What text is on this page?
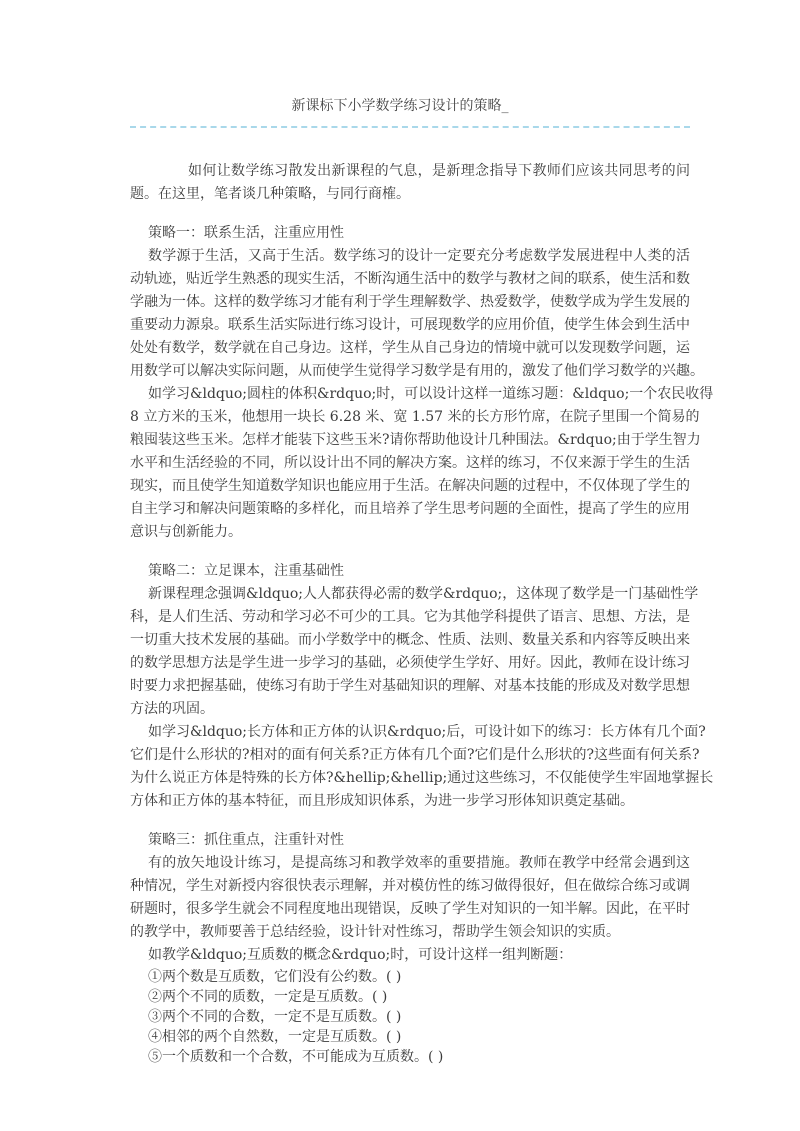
新课标下小学数学练习设计的策略_
如何让数学练习散发出新课程的气息，是新理念指导下教师们应该共同思考的问
题。在这里，笔者谈几种策略，与同行商榷。
策略一：联系生活，注重应用性
数学源于生活，又高于生活。数学练习的设计一定要充分考虑数学发展进程中人类的活
动轨迹，贴近学生熟悉的现实生活，不断沟通生活中的数学与教材之间的联系，使生活和数
学融为一体。这样的数学练习才能有利于学生理解数学、热爱数学，使数学成为学生发展的
重要动力源泉。联系生活实际进行练习设计，可展现数学的应用价值，使学生体会到生活中
处处有数学，数学就在自己身边。这样，学生从自己身边的情境中就可以发现数学问题，运
用数学可以解决实际问题，从而使学生觉得学习数学是有用的，激发了他们学习数学的兴趣。
如学习&ldquo;圆柱的体积&rdquo;时，可以设计这样一道练习题：&ldquo;一个农民收得
8 立方米的玉米，他想用一块长 6.28 米、宽 1.57 米的长方形竹席，在院子里围一个简易的
粮囤装这些玉米。怎样才能装下这些玉米?请你帮助他设计几种围法。&rdquo;由于学生智力
水平和生活经验的不同，所以设计出不同的解决方案。这样的练习，不仅来源于学生的生活
现实，而且使学生知道数学知识也能应用于生活。在解决问题的过程中，不仅体现了学生的
自主学习和解决问题策略的多样化，而且培养了学生思考问题的全面性，提高了学生的应用
意识与创新能力。
策略二：立足课本，注重基础性
新课程理念强调&ldquo;人人都获得必需的数学&rdquo;，这体现了数学是一门基础性学
科，是人们生活、劳动和学习必不可少的工具。它为其他学科提供了语言、思想、方法，是
一切重大技术发展的基础。而小学数学中的概念、性质、法则、数量关系和内容等反映出来
的数学思想方法是学生进一步学习的基础，必须使学生学好、用好。因此，教师在设计练习
时要力求把握基础，使练习有助于学生对基础知识的理解、对基本技能的形成及对数学思想
方法的巩固。
如学习&ldquo;长方体和正方体的认识&rdquo;后，可设计如下的练习：长方体有几个面?
它们是什么形状的?相对的面有何关系?正方体有几个面?它们是什么形状的?这些面有何关系?
为什么说正方体是特殊的长方体?&hellip;&hellip;通过这些练习，不仅能使学生牢固地掌握长
方体和正方体的基本特征，而且形成知识体系，为进一步学习形体知识奠定基础。
策略三：抓住重点，注重针对性
有的放矢地设计练习，是提高练习和教学效率的重要措施。教师在教学中经常会遇到这
种情况，学生对新授内容很快表示理解，并对模仿性的练习做得很好，但在做综合练习或调
研题时，很多学生就会不同程度地出现错误，反映了学生对知识的一知半解。因此，在平时
的教学中，教师要善于总结经验，设计针对性练习，帮助学生领会知识的实质。
如教学&ldquo;互质数的概念&rdquo;时，可设计这样一组判断题：
①两个数是互质数，它们没有公约数。( )
②两个不同的质数，一定是互质数。( )
③两个不同的合数，一定不是互质数。( )
④相邻的两个自然数，一定是互质数。( )
⑤一个质数和一个合数，不可能成为互质数。( )
